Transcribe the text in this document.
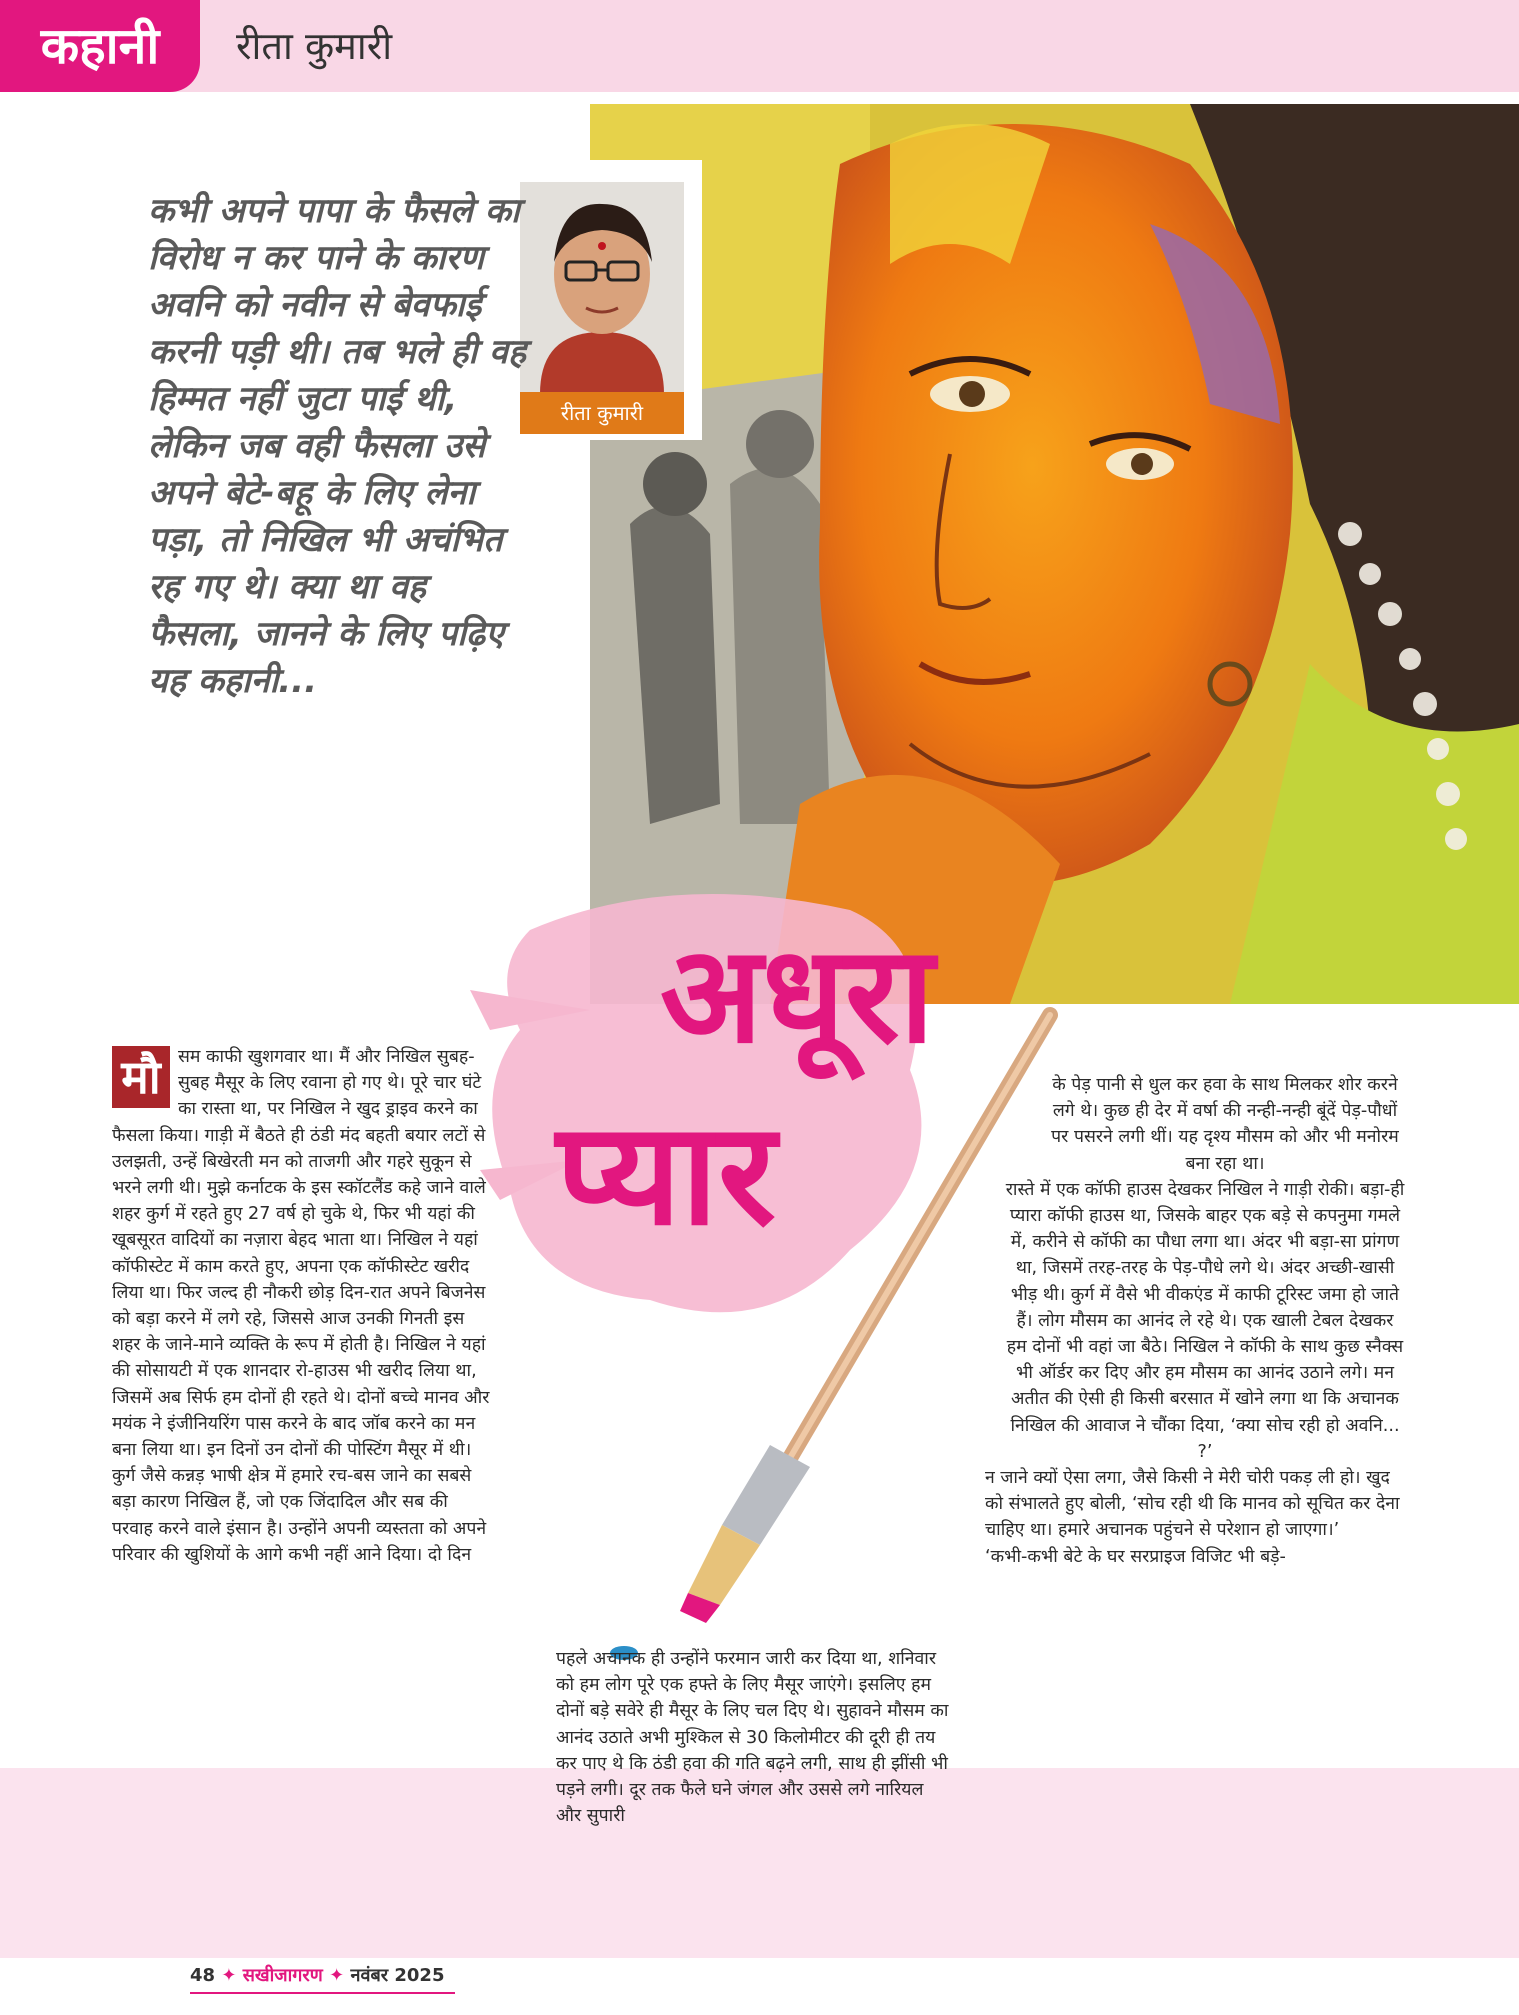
कहानी	रीता कुमारी
रीता कुमारी
कभी अपने पापा के फैसले का विरोध न कर पाने के कारण अवनि को नवीन से बेवफाई करनी पड़ी थी। तब भले ही वह हिम्मत नहीं जुटा पाई थी, लेकिन जब वही फैसला उसे अपने बेटे-बहू के लिए लेना पड़ा, तो निखिल भी अचंभित रह गए थे। क्या था वह फैसला, जानने के लिए पढ़िए यह कहानी...
अधूरा
प्यार
मौ सम काफी खुशगवार था। मैं और निखिल सुबह-सुबह मैसूर के लिए रवाना हो गए थे। पूरे चार घंटे का रास्ता था, पर निखिल ने खुद ड्राइव करने का फैसला किया। गाड़ी में बैठते ही ठंडी मंद बहती बयार लटों से उलझती, उन्हें बिखेरती मन को ताजगी और गहरे सुकून से भरने लगी थी। मुझे कर्नाटक के इस स्कॉटलैंड कहे जाने वाले शहर कुर्ग में रहते हुए 27 वर्ष हो चुके थे, फिर भी यहां की खूबसूरत वादियों का नज़ारा बेहद भाता था। निखिल ने यहां कॉफीस्टेट में काम करते हुए, अपना एक कॉफीस्टेट खरीद लिया था। फिर जल्द ही नौकरी छोड़ दिन-रात अपने बिजनेस को बड़ा करने में लगे रहे, जिससे आज उनकी गिनती इस शहर के जाने-माने व्यक्ति के रूप में होती है। निखिल ने यहां की सोसायटी में एक शानदार रो-हाउस भी खरीद लिया था, जिसमें अब सिर्फ हम दोनों ही रहते थे। दोनों बच्चे मानव और मयंक ने इंजीनियरिंग पास करने के बाद जॉब करने का मन बना लिया था। इन दिनों उन दोनों की पोस्टिंग मैसूर में थी।

कुर्ग जैसे कन्नड़ भाषी क्षेत्र में हमारे रच-बस जाने का सबसे बड़ा कारण निखिल हैं, जो एक जिंदादिल और सब की परवाह करने वाले इंसान है। उन्होंने अपनी व्यस्तता को अपने परिवार की खुशियों के आगे कभी नहीं आने दिया। दो दिन

पहले अचानक ही उन्होंने फरमान जारी कर दिया था, शनिवार को हम लोग पूरे एक हफ्ते के लिए मैसूर जाएंगे। इसलिए हम दोनों बड़े सवेरे ही मैसूर के लिए चल दिए थे। सुहावने मौसम का आनंद उठाते अभी मुश्किल से 30 किलोमीटर की दूरी ही तय कर पाए थे कि ठंडी हवा की गति बढ़ने लगी, साथ ही झींसी भी पड़ने लगी। दूर तक फैले घने जंगल और उससे लगे नारियल और सुपारी

के पेड़ पानी से धुल कर हवा के साथ मिलकर शोर करने लगे थे। कुछ ही देर में वर्षा की नन्ही-नन्ही बूंदें पेड़-पौधों पर पसरने लगी थीं। यह दृश्य मौसम को और भी मनोरम बना रहा था।

रास्ते में एक कॉफी हाउस देखकर निखिल ने गाड़ी रोकी। बड़ा-ही प्यारा कॉफी हाउस था, जिसके बाहर एक बड़े से कपनुमा गमले में, करीने से कॉफी का पौधा लगा था। अंदर भी बड़ा-सा प्रांगण था, जिसमें तरह-तरह के पेड़-पौधे लगे थे। अंदर अच्छी-खासी भीड़ थी। कुर्ग में वैसे भी वीकएंड में काफी टूरिस्ट जमा हो जाते हैं। लोग मौसम का आनंद ले रहे थे। एक खाली टेबल देखकर हम दोनों भी वहां जा बैठे। निखिल ने कॉफी के साथ कुछ स्नैक्स भी ऑर्डर कर दिए और हम मौसम का आनंद उठाने लगे। मन अतीत की ऐसी ही किसी बरसात में खोने लगा था कि अचानक निखिल की आवाज ने चौंका दिया, ‘क्या सोच रही हो अवनि... ?’

न जाने क्यों ऐसा लगा, जैसे किसी ने मेरी चोरी पकड़ ली हो। खुद को संभालते हुए बोली, ‘सोच रही थी कि मानव को सूचित कर देना चाहिए था। हमारे अचानक पहुंचने से परेशान हो जाएगा।’

‘कभी-कभी बेटे के घर सरप्राइज विजिट भी बड़े-

48 ✦ सखीजागरण ✦ नवंबर 2025
